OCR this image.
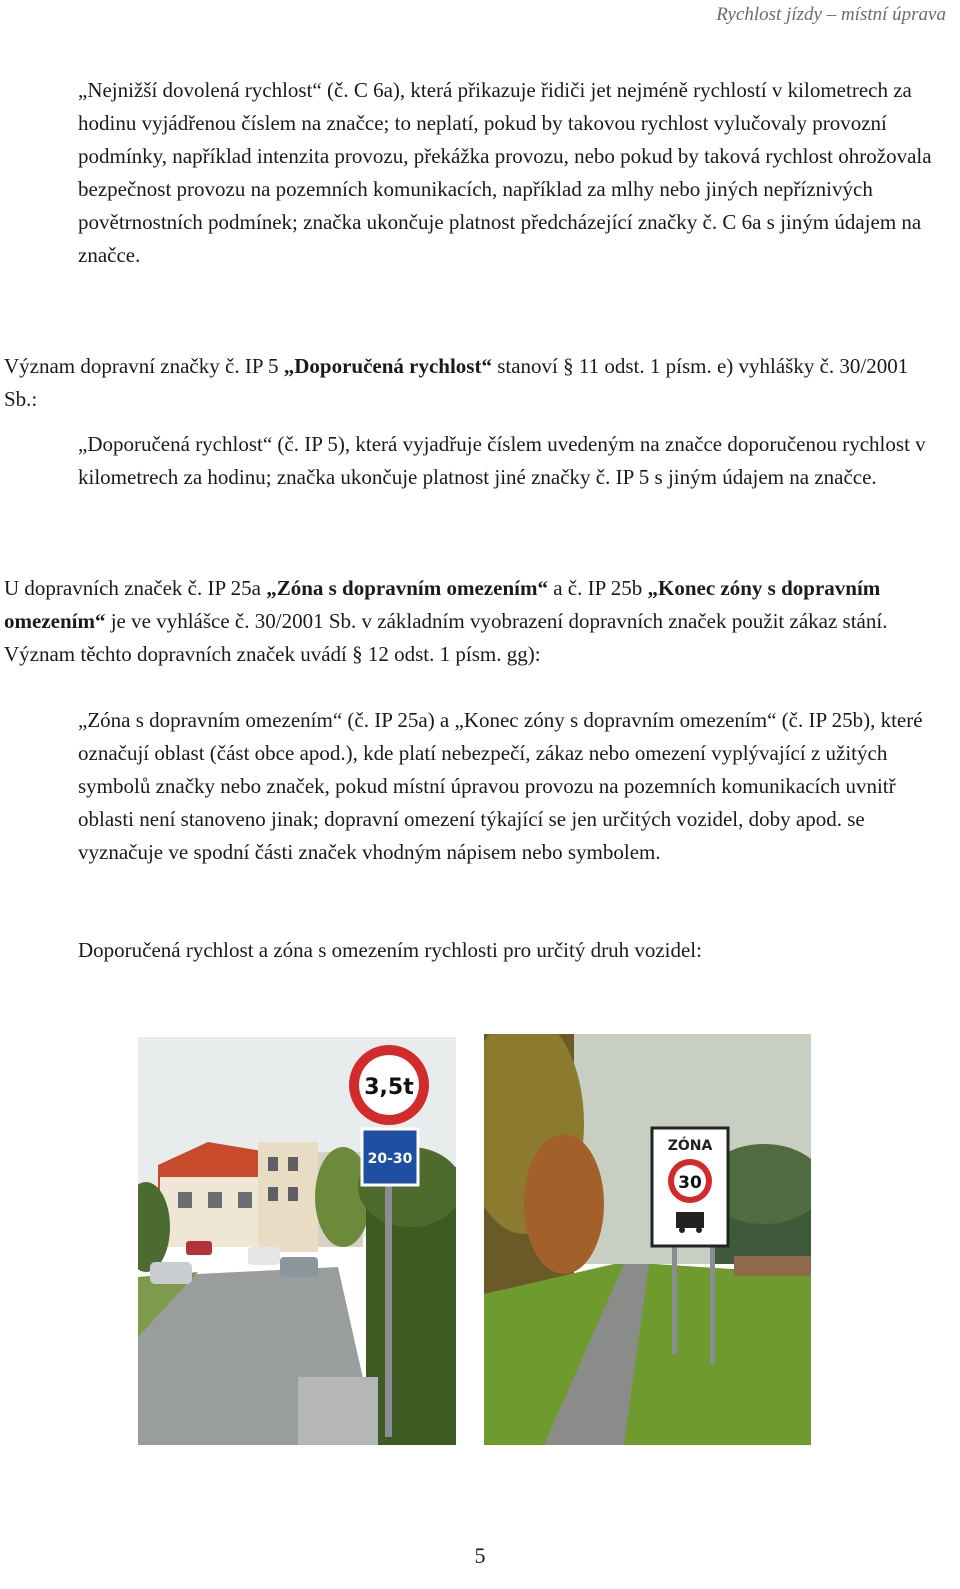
Rychlost jízdy – místní úprava

„Nejnižší dovolená rychlost“ (č. C 6a), která přikazuje řidiči jet nejméně rychlostí v kilometrech za hodinu vyjádřenou číslem na značce; to neplatí, pokud by takovou rychlost vylučovaly provozní podmínky, například intenzita provozu, překážka provozu, nebo pokud by taková rychlost ohrožovala bezpečnost provozu na pozemních komunikacích, například za mlhy nebo jiných nepříznivých povětrnostních podmínek; značka ukončuje platnost předcházející značky č. C 6a s jiným údajem na značce.

Význam dopravní značky č. IP 5 „Doporučená rychlost“ stanoví § 11 odst. 1 písm. e) vyhlášky č. 30/2001 Sb.:

„Doporučená rychlost“ (č. IP 5), která vyjadřuje číslem uvedeným na značce doporučenou rychlost v kilometrech za hodinu; značka ukončuje platnost jiné značky č. IP 5 s jiným údajem na značce.

U dopravních značek č. IP 25a „Zóna s dopravním omezením“ a č. IP 25b „Konec zóny s dopravním omezením“ je ve vyhlášce č. 30/2001 Sb. v základním vyobrazení dopravních značek použit zákaz stání. Význam těchto dopravních značek uvádí § 12 odst. 1 písm. gg):

„Zóna s dopravním omezením“ (č. IP 25a) a „Konec zóny s dopravním omezením“ (č. IP 25b), které označují oblast (část obce apod.), kde platí nebezpečí, zákaz nebo omezení vyplývající z užitých symbolů značky nebo značek, pokud místní úpravou provozu na pozemních komunikacích uvnitř oblasti není stanoveno jinak; dopravní omezení týkající se jen určitých vozidel, doby apod. se vyznačuje ve spodní části značek vhodným nápisem nebo symbolem.

Doporučená rychlost a zóna s omezením rychlosti pro určitý druh vozidel:

3,5t
20-30
ZÓNA
30
5
